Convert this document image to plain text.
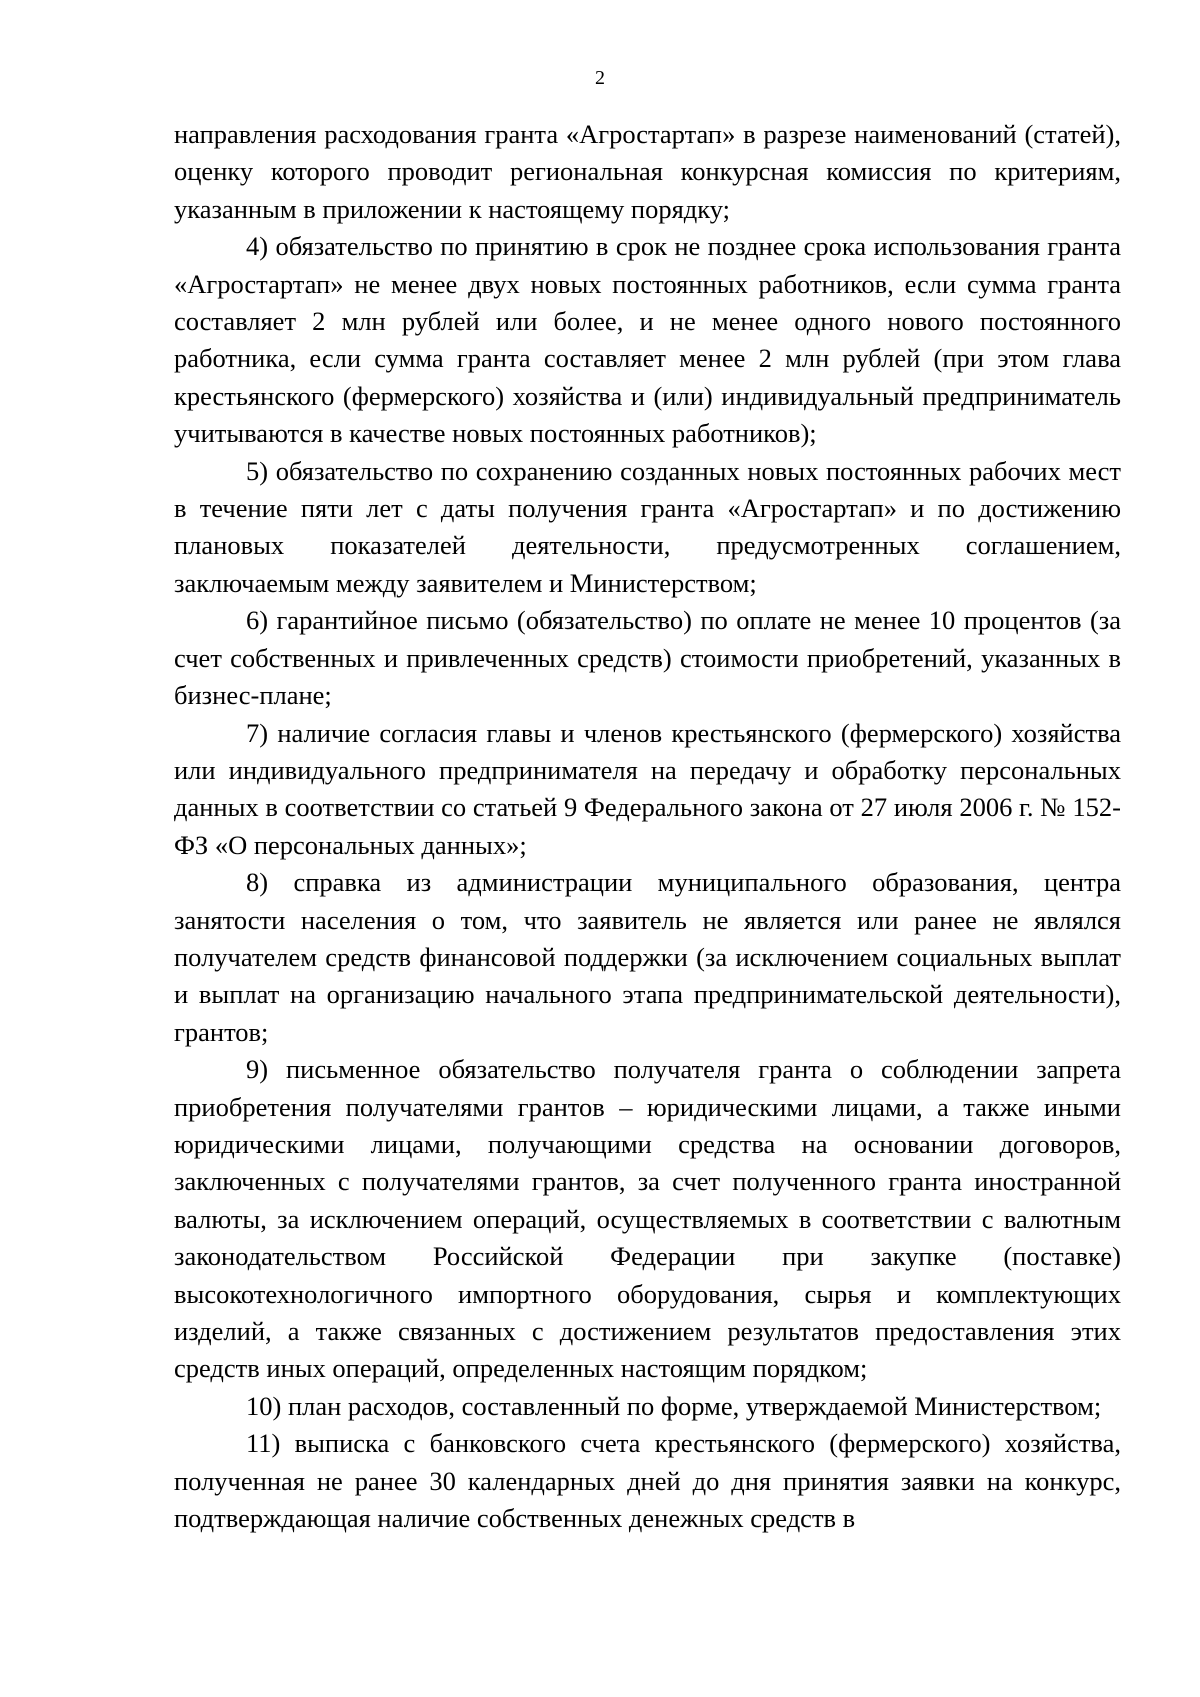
2

направления расходования гранта «Агростартап» в разрезе наименований (статей), оценку которого проводит региональная конкурсная комиссия по критериям, указанным в приложении к настоящему порядку;

4) обязательство по принятию в срок не позднее срока использования гранта «Агростартап» не менее двух новых постоянных работников, если сумма гранта составляет 2 млн рублей или более, и не менее одного нового постоянного работника, если сумма гранта составляет менее 2 млн рублей (при этом глава крестьянского (фермерского) хозяйства и (или) индивидуальный предприниматель учитываются в качестве новых постоянных работников);

5) обязательство по сохранению созданных новых постоянных рабочих мест в течение пяти лет с даты получения гранта «Агростартап» и по достижению плановых показателей деятельности, предусмотренных соглашением, заключаемым между заявителем и Министерством;

6) гарантийное письмо (обязательство) по оплате не менее 10 процентов (за счет собственных и привлеченных средств) стоимости приобретений, указанных в бизнес-плане;

7) наличие согласия главы и членов крестьянского (фермерского) хозяйства или индивидуального предпринимателя на передачу и обработку персональных данных в соответствии со статьей 9 Федерального закона от 27 июля 2006 г. № 152-ФЗ «О персональных данных»;

8) справка из администрации муниципального образования, центра занятости населения о том, что заявитель не является или ранее не являлся получателем средств финансовой поддержки (за исключением социальных выплат и выплат на организацию начального этапа предпринимательской деятельности), грантов;

9) письменное обязательство получателя гранта о соблюдении запрета приобретения получателями грантов – юридическими лицами, а также иными юридическими лицами, получающими средства на основании договоров, заключенных с получателями грантов, за счет полученного гранта иностранной валюты, за исключением операций, осуществляемых в соответствии с валютным законодательством Российской Федерации при закупке (поставке) высокотехнологичного импортного оборудования, сырья и комплектующих изделий, а также связанных с достижением результатов предоставления этих средств иных операций, определенных настоящим порядком;

10) план расходов, составленный по форме, утверждаемой Министерством;

11) выписка с банковского счета крестьянского (фермерского) хозяйства, полученная не ранее 30 календарных дней до дня принятия заявки на конкурс, подтверждающая наличие собственных денежных средств в
